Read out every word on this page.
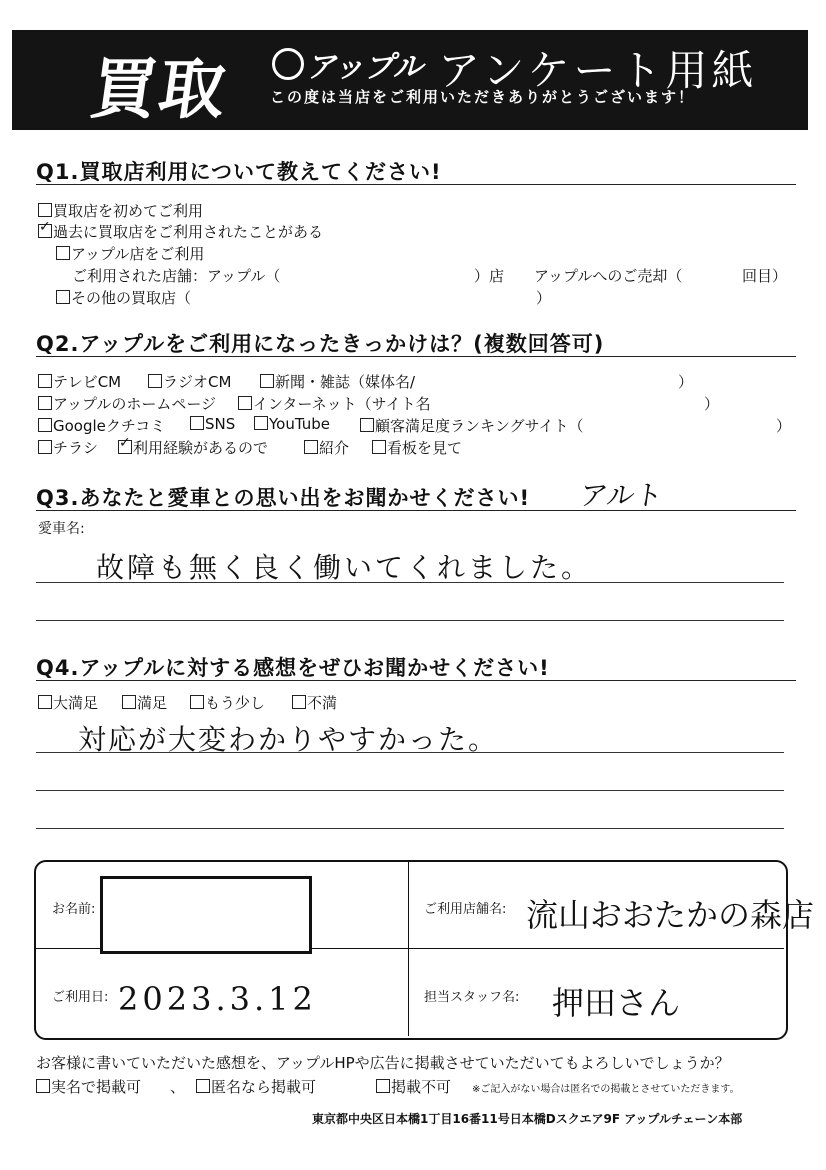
買取 アップル アンケート用紙
この度は当店をご利用いただきありがとうございます！
Q1.買取店利用について教えてください!
買取店を初めてご利用
✓過去に買取店をご利用されたことがある
アップル店をご利用
ご利用された店舗：アップル（	）店 アップルへのご売却（	回目）
その他の買取店（	）
Q2.アップルをご利用になったきっかけは？(複数回答可)
テレビCM	ラジオCM	新聞・雑誌（媒体名/	）
アップルのホームページ	インターネット（サイト名	）
Googleクチコミ	SNS	YouTube	顧客満足度ランキングサイト（	）
チラシ
✓	利用経験があるので	紹介	看板を見て
Q3.あなたと愛車との思い出をお聞かせください! アルト
愛車名:
故障も無く良く働いてくれました。
Q4.アップルに対する感想をぜひお聞かせください!
大満足	満足	もう少し	不満
対応が大変わかりやすかった。
お名前:	ご利用店舗名: 流山おおたかの森店
ご利用日: 2023.3.12	担当スタッフ名: 押田さん
お客様に書いていただいた感想を、アップルHPや広告に掲載させていただいてもよろしいでしょうか？
実名で掲載可 、	匿名なら掲載可	掲載不可 ※ご記入がない場合は匿名での掲載とさせていただきます。
東京都中央区日本橋1丁目16番11号日本橋Dスクエア9F アップルチェーン本部
